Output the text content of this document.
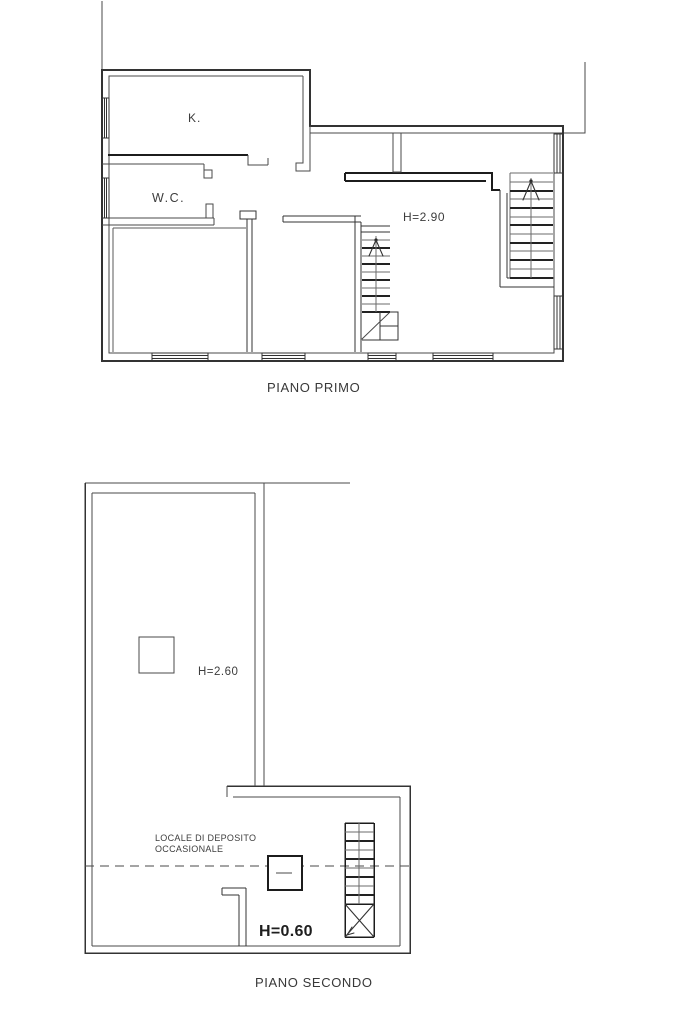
K.
W.C.
H=2.90
PIANO PRIMO
H=2.60
LOCALE DI DEPOSITO
OCCASIONALE
H=0.60
PIANO SECONDO
